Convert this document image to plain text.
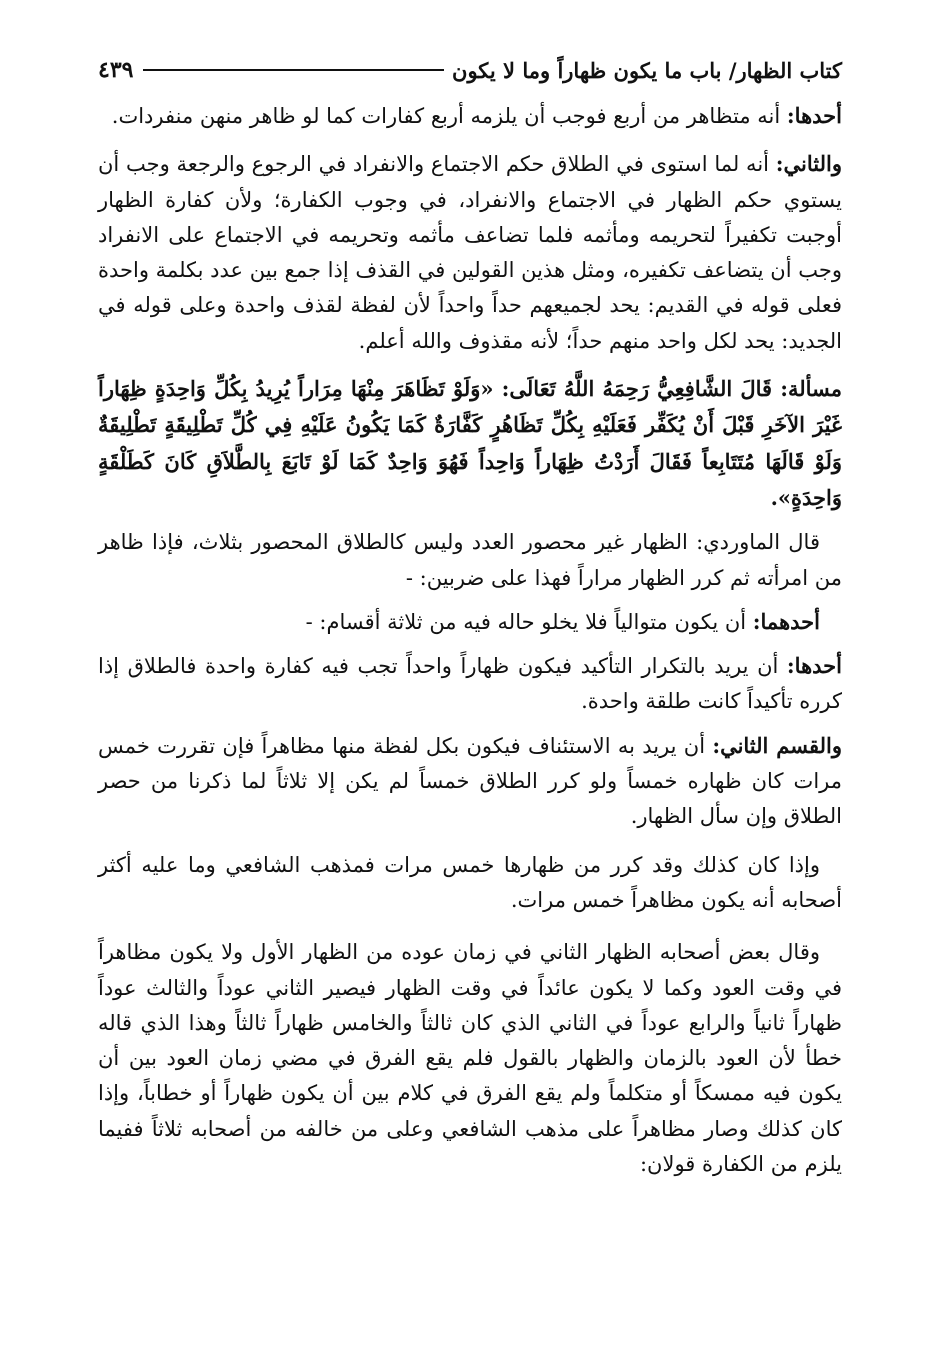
كتاب الظهار/ باب ما يكون ظهاراً وما لا يكون
٤٣٩

أحدها: أنه متظاهر من أربع فوجب أن يلزمه أربع كفارات كما لو ظاهر منهن منفردات.

والثاني: أنه لما استوى في الطلاق حكم الاجتماع والانفراد في الرجوع والرجعة وجب أن يستوي حكم الظهار في الاجتماع والانفراد، في وجوب الكفارة؛ ولأن كفارة الظهار أوجبت تكفيراً لتحريمه ومأثمه فلما تضاعف مأثمه وتحريمه في الاجتماع على الانفراد وجب أن يتضاعف تكفيره، ومثل هذين القولين في القذف إذا جمع بين عدد بكلمة واحدة فعلى قوله في القديم: يحد لجميعهم حداً واحداً لأن لفظة لقذف واحدة وعلى قوله في الجديد: يحد لكل واحد منهم حداً؛ لأنه مقذوف والله أعلم.

مسألة: قَالَ الشَّافِعِيُّ رَحِمَهُ اللَّهُ تَعَالَى: «وَلَوْ تَظَاهَرَ مِنْهَا مِرَاراً يُرِيدُ بِكُلِّ وَاحِدَةٍ ظِهَاراً غَيْرَ الآخَرِ قَبْلَ أَنْ يُكَفِّر فَعَلَيْهِ بِكُلِّ تَظَاهُرٍ كَفَّارَةٌ كَمَا يَكُونُ عَلَيْهِ فِي كُلِّ تَطْلِيقَةٍ تَطْلِيقَةٌ وَلَوْ قَالَهَا مُتَتَابِعاً فَقَالَ أَرَدْتُ ظِهَاراً وَاحِداً فَهُوَ وَاحِدٌ كَمَا لَوْ تَابَعَ بِالطَّلاَقِ كَانَ كَطَلْقَةٍ وَاحِدَةٍ».

قال الماوردي: الظهار غير محصور العدد وليس كالطلاق المحصور بثلاث، فإذا ظاهر من امرأته ثم كرر الظهار مراراً فهذا على ضربين: -

أحدهما: أن يكون متوالياً فلا يخلو حاله فيه من ثلاثة أقسام: -

أحدها: أن يريد بالتكرار التأكيد فيكون ظهاراً واحداً تجب فيه كفارة واحدة فالطلاق إذا كرره تأكيداً كانت طلقة واحدة.

والقسم الثاني: أن يريد به الاستئناف فيكون بكل لفظة منها مظاهراً فإن تقررت خمس مرات كان ظهاره خمساً ولو كرر الطلاق خمساً لم يكن إلا ثلاثاً لما ذكرنا من حصر الطلاق وإن سأل الظهار.

وإذا كان كذلك وقد كرر من ظهارها خمس مرات فمذهب الشافعي وما عليه أكثر أصحابه أنه يكون مظاهراً خمس مرات.

وقال بعض أصحابه الظهار الثاني في زمان عوده من الظهار الأول ولا يكون مظاهراً في وقت العود وكما لا يكون عائداً في وقت الظهار فيصير الثاني عوداً والثالث عوداً ظهاراً ثانياً والرابع عوداً في الثاني الذي كان ثالثاً والخامس ظهاراً ثالثاً وهذا الذي قاله خطأ لأن العود بالزمان والظهار بالقول فلم يقع الفرق في مضي زمان العود بين أن يكون فيه ممسكاً أو متكلماً ولم يقع الفرق في كلام بين أن يكون ظهاراً أو خطاباً، وإذا كان كذلك وصار مظاهراً على مذهب الشافعي وعلى من خالفه من أصحابه ثلاثاً ففيما يلزم من الكفارة قولان:
